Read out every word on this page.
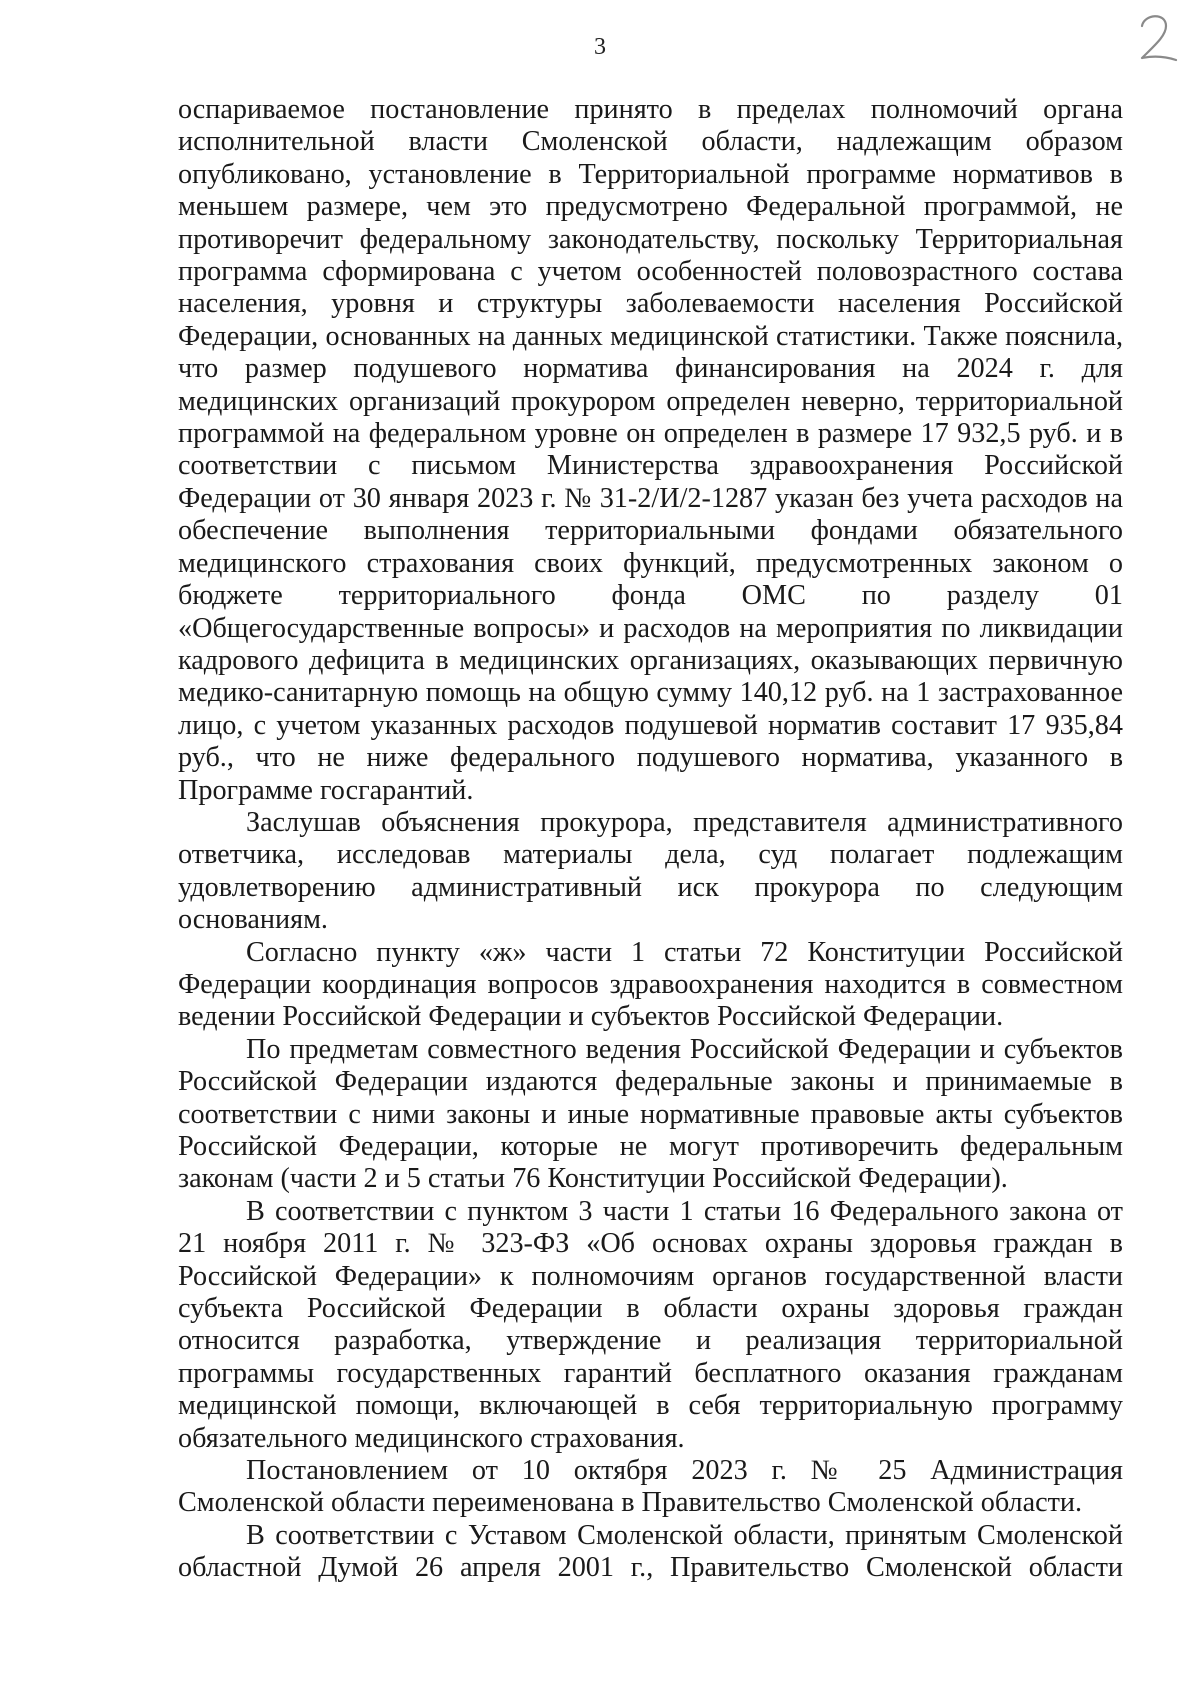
3

оспариваемое постановление принято в пределах полномочий органа исполнительной власти Смоленской области, надлежащим образом опубликовано, установление в Территориальной программе нормативов в меньшем размере, чем это предусмотрено Федеральной программой, не противоречит федеральному законодательству, поскольку Территориальная программа сформирована с учетом особенностей половозрастного состава населения, уровня и структуры заболеваемости населения Российской Федерации, основанных на данных медицинской статистики. Также пояснила, что размер подушевого норматива финансирования на 2024 г. для медицинских организаций прокурором определен неверно, территориальной программой на федеральном уровне он определен в размере 17 932,5 руб. и в соответствии с письмом Министерства здравоохранения Российской Федерации от 30 января 2023 г. № 31-2/И/2-1287 указан без учета расходов на обеспечение выполнения территориальными фондами обязательного медицинского страхования своих функций, предусмотренных законом о бюджете территориального фонда ОМС по разделу 01 «Общегосударственные вопросы» и расходов на мероприятия по ликвидации кадрового дефицита в медицинских организациях, оказывающих первичную медико-санитарную помощь на общую сумму 140,12 руб. на 1 застрахованное лицо, с учетом указанных расходов подушевой норматив составит 17 935,84 руб., что не ниже федерального подушевого норматива, указанного в Программе госгарантий.

Заслушав объяснения прокурора, представителя административного ответчика, исследовав материалы дела, суд полагает подлежащим удовлетворению административный иск прокурора по следующим основаниям.

Согласно пункту «ж» части 1 статьи 72 Конституции Российской Федерации координация вопросов здравоохранения находится в совместном ведении Российской Федерации и субъектов Российской Федерации.

По предметам совместного ведения Российской Федерации и субъектов Российской Федерации издаются федеральные законы и принимаемые в соответствии с ними законы и иные нормативные правовые акты субъектов Российской Федерации, которые не могут противоречить федеральным законам (части 2 и 5 статьи 76 Конституции Российской Федерации).

В соответствии с пунктом 3 части 1 статьи 16 Федерального закона от 21 ноября 2011 г. № 323-ФЗ «Об основах охраны здоровья граждан в Российской Федерации» к полномочиям органов государственной власти субъекта Российской Федерации в области охраны здоровья граждан относится разработка, утверждение и реализация территориальной программы государственных гарантий бесплатного оказания гражданам медицинской помощи, включающей в себя территориальную программу обязательного медицинского страхования.

Постановлением от 10 октября 2023 г. № 25 Администрация Смоленской области переименована в Правительство Смоленской области.

В соответствии с Уставом Смоленской области, принятым Смоленской областной Думой 26 апреля 2001 г., Правительство Смоленской области
